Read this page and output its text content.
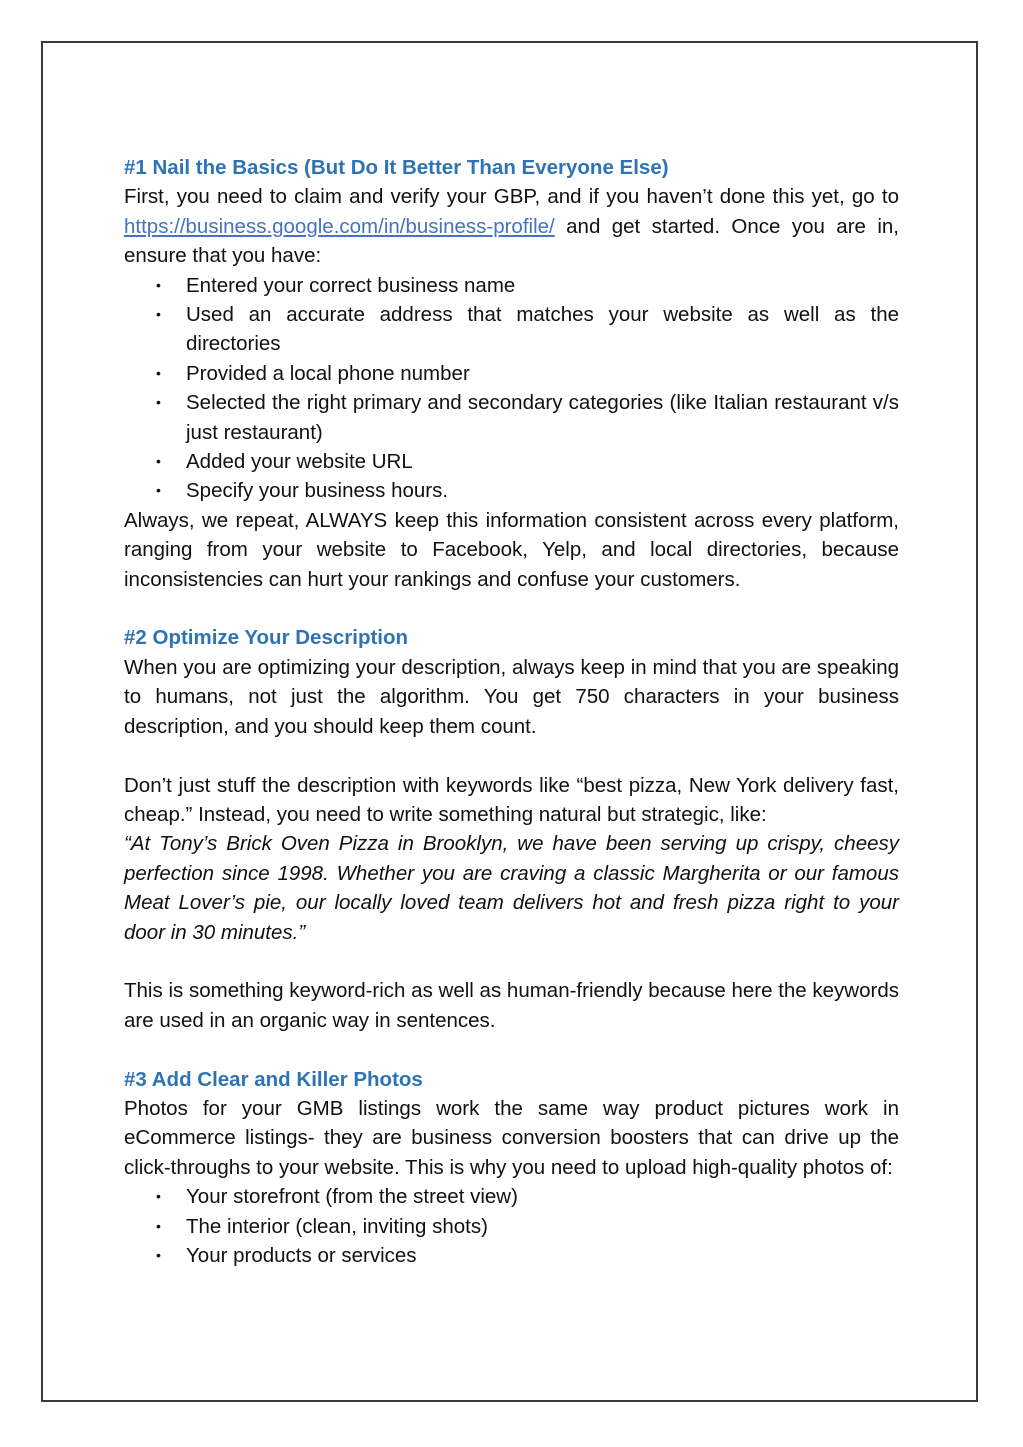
#1 Nail the Basics (But Do It Better Than Everyone Else)

First, you need to claim and verify your GBP, and if you haven’t done this yet, go to https://business.google.com/in/business-profile/ and get started. Once you are in, ensure that you have:

• Entered your correct business name
• Used an accurate address that matches your website as well as the directories
• Provided a local phone number
• Selected the right primary and secondary categories (like Italian restaurant v/s just restaurant)
• Added your website URL
• Specify your business hours.

Always, we repeat, ALWAYS keep this information consistent across every platform, ranging from your website to Facebook, Yelp, and local directories, because inconsistencies can hurt your rankings and confuse your customers.

#2 Optimize Your Description

When you are optimizing your description, always keep in mind that you are speaking to humans, not just the algorithm. You get 750 characters in your business description, and you should keep them count.

Don’t just stuff the description with keywords like “best pizza, New York delivery fast, cheap.” Instead, you need to write something natural but strategic, like:

“At Tony’s Brick Oven Pizza in Brooklyn, we have been serving up crispy, cheesy perfection since 1998. Whether you are craving a classic Margherita or our famous Meat Lover’s pie, our locally loved team delivers hot and fresh pizza right to your door in 30 minutes.”

This is something keyword-rich as well as human-friendly because here the keywords are used in an organic way in sentences.

#3 Add Clear and Killer Photos

Photos for your GMB listings work the same way product pictures work in eCommerce listings- they are business conversion boosters that can drive up the click-throughs to your website. This is why you need to upload high-quality photos of:

• Your storefront (from the street view)
• The interior (clean, inviting shots)
• Your products or services
